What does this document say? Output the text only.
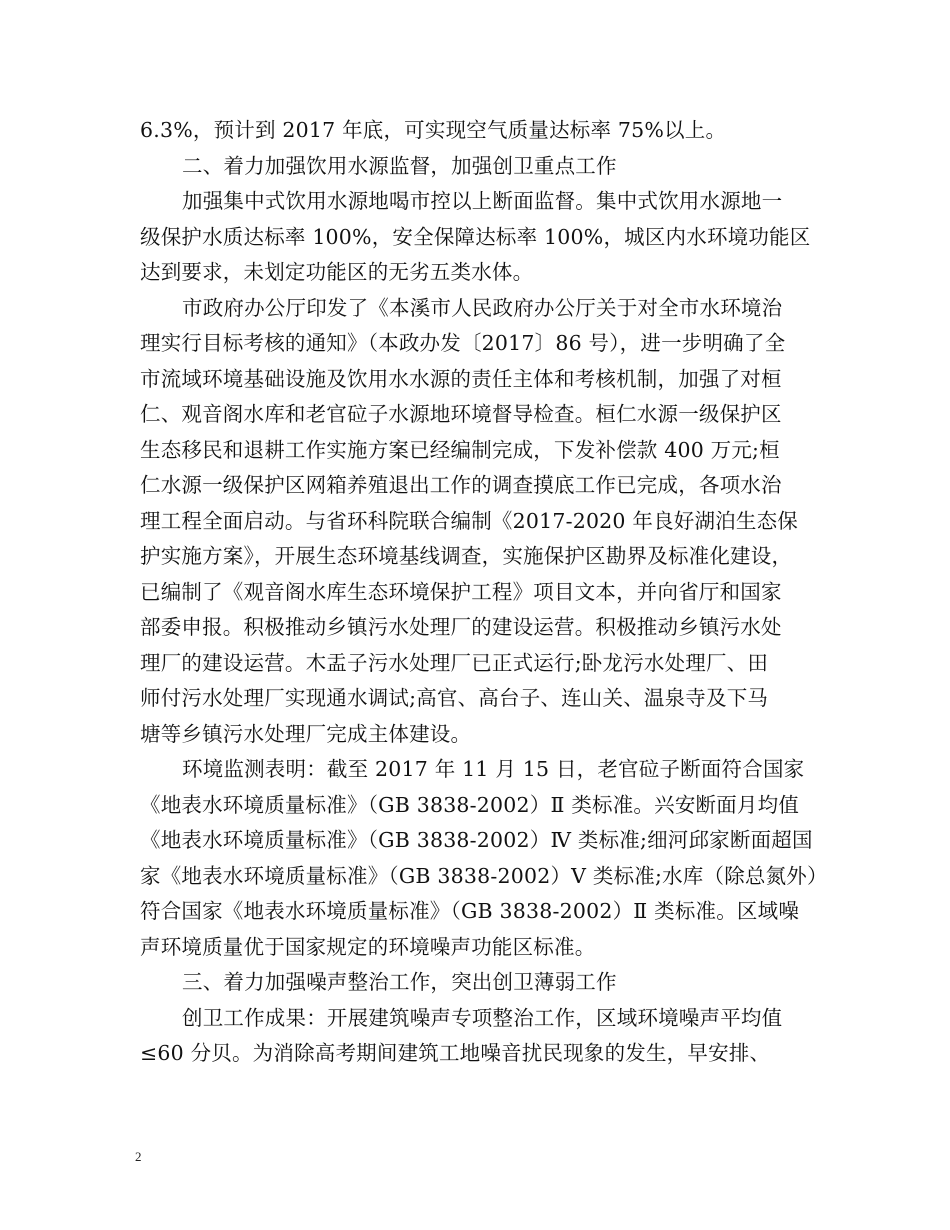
6.3%，预计到 2017 年底，可实现空气质量达标率 75%以上。
二、着力加强饮用水源监督，加强创卫重点工作
加强集中式饮用水源地喝市控以上断面监督。集中式饮用水源地一
级保护水质达标率 100%，安全保障达标率 100%，城区内水环境功能区
达到要求，未划定功能区的无劣五类水体。
市政府办公厅印发了《本溪市人民政府办公厅关于对全市水环境治
理实行目标考核的通知》（本政办发〔2017〕86 号），进一步明确了全
市流域环境基础设施及饮用水水源的责任主体和考核机制，加强了对桓
仁、观音阁水库和老官砬子水源地环境督导检查。桓仁水源一级保护区
生态移民和退耕工作实施方案已经编制完成，下发补偿款 400 万元;桓
仁水源一级保护区网箱养殖退出工作的调查摸底工作已完成，各项水治
理工程全面启动。与省环科院联合编制《2017-2020 年良好湖泊生态保
护实施方案》，开展生态环境基线调查，实施保护区勘界及标准化建设，
已编制了《观音阁水库生态环境保护工程》项目文本，并向省厅和国家
部委申报。积极推动乡镇污水处理厂的建设运营。积极推动乡镇污水处
理厂的建设运营。木盂子污水处理厂已正式运行;卧龙污水处理厂、田
师付污水处理厂实现通水调试;高官、高台子、连山关、温泉寺及下马
塘等乡镇污水处理厂完成主体建设。
环境监测表明：截至 2017 年 11 月 15 日，老官砬子断面符合国家
《地表水环境质量标准》（GB 3838-2002）Ⅱ 类标准。兴安断面月均值
《地表水环境质量标准》（GB 3838-2002）Ⅳ 类标准;细河邱家断面超国
家《地表水环境质量标准》（GB 3838-2002）Ⅴ 类标准;水库（除总氮外）
符合国家《地表水环境质量标准》（GB 3838-2002）Ⅱ 类标准。区域噪
声环境质量优于国家规定的环境噪声功能区标准。
三、着力加强噪声整治工作，突出创卫薄弱工作
创卫工作成果：开展建筑噪声专项整治工作，区域环境噪声平均值
≤60 分贝。为消除高考期间建筑工地噪音扰民现象的发生，早安排、
2
